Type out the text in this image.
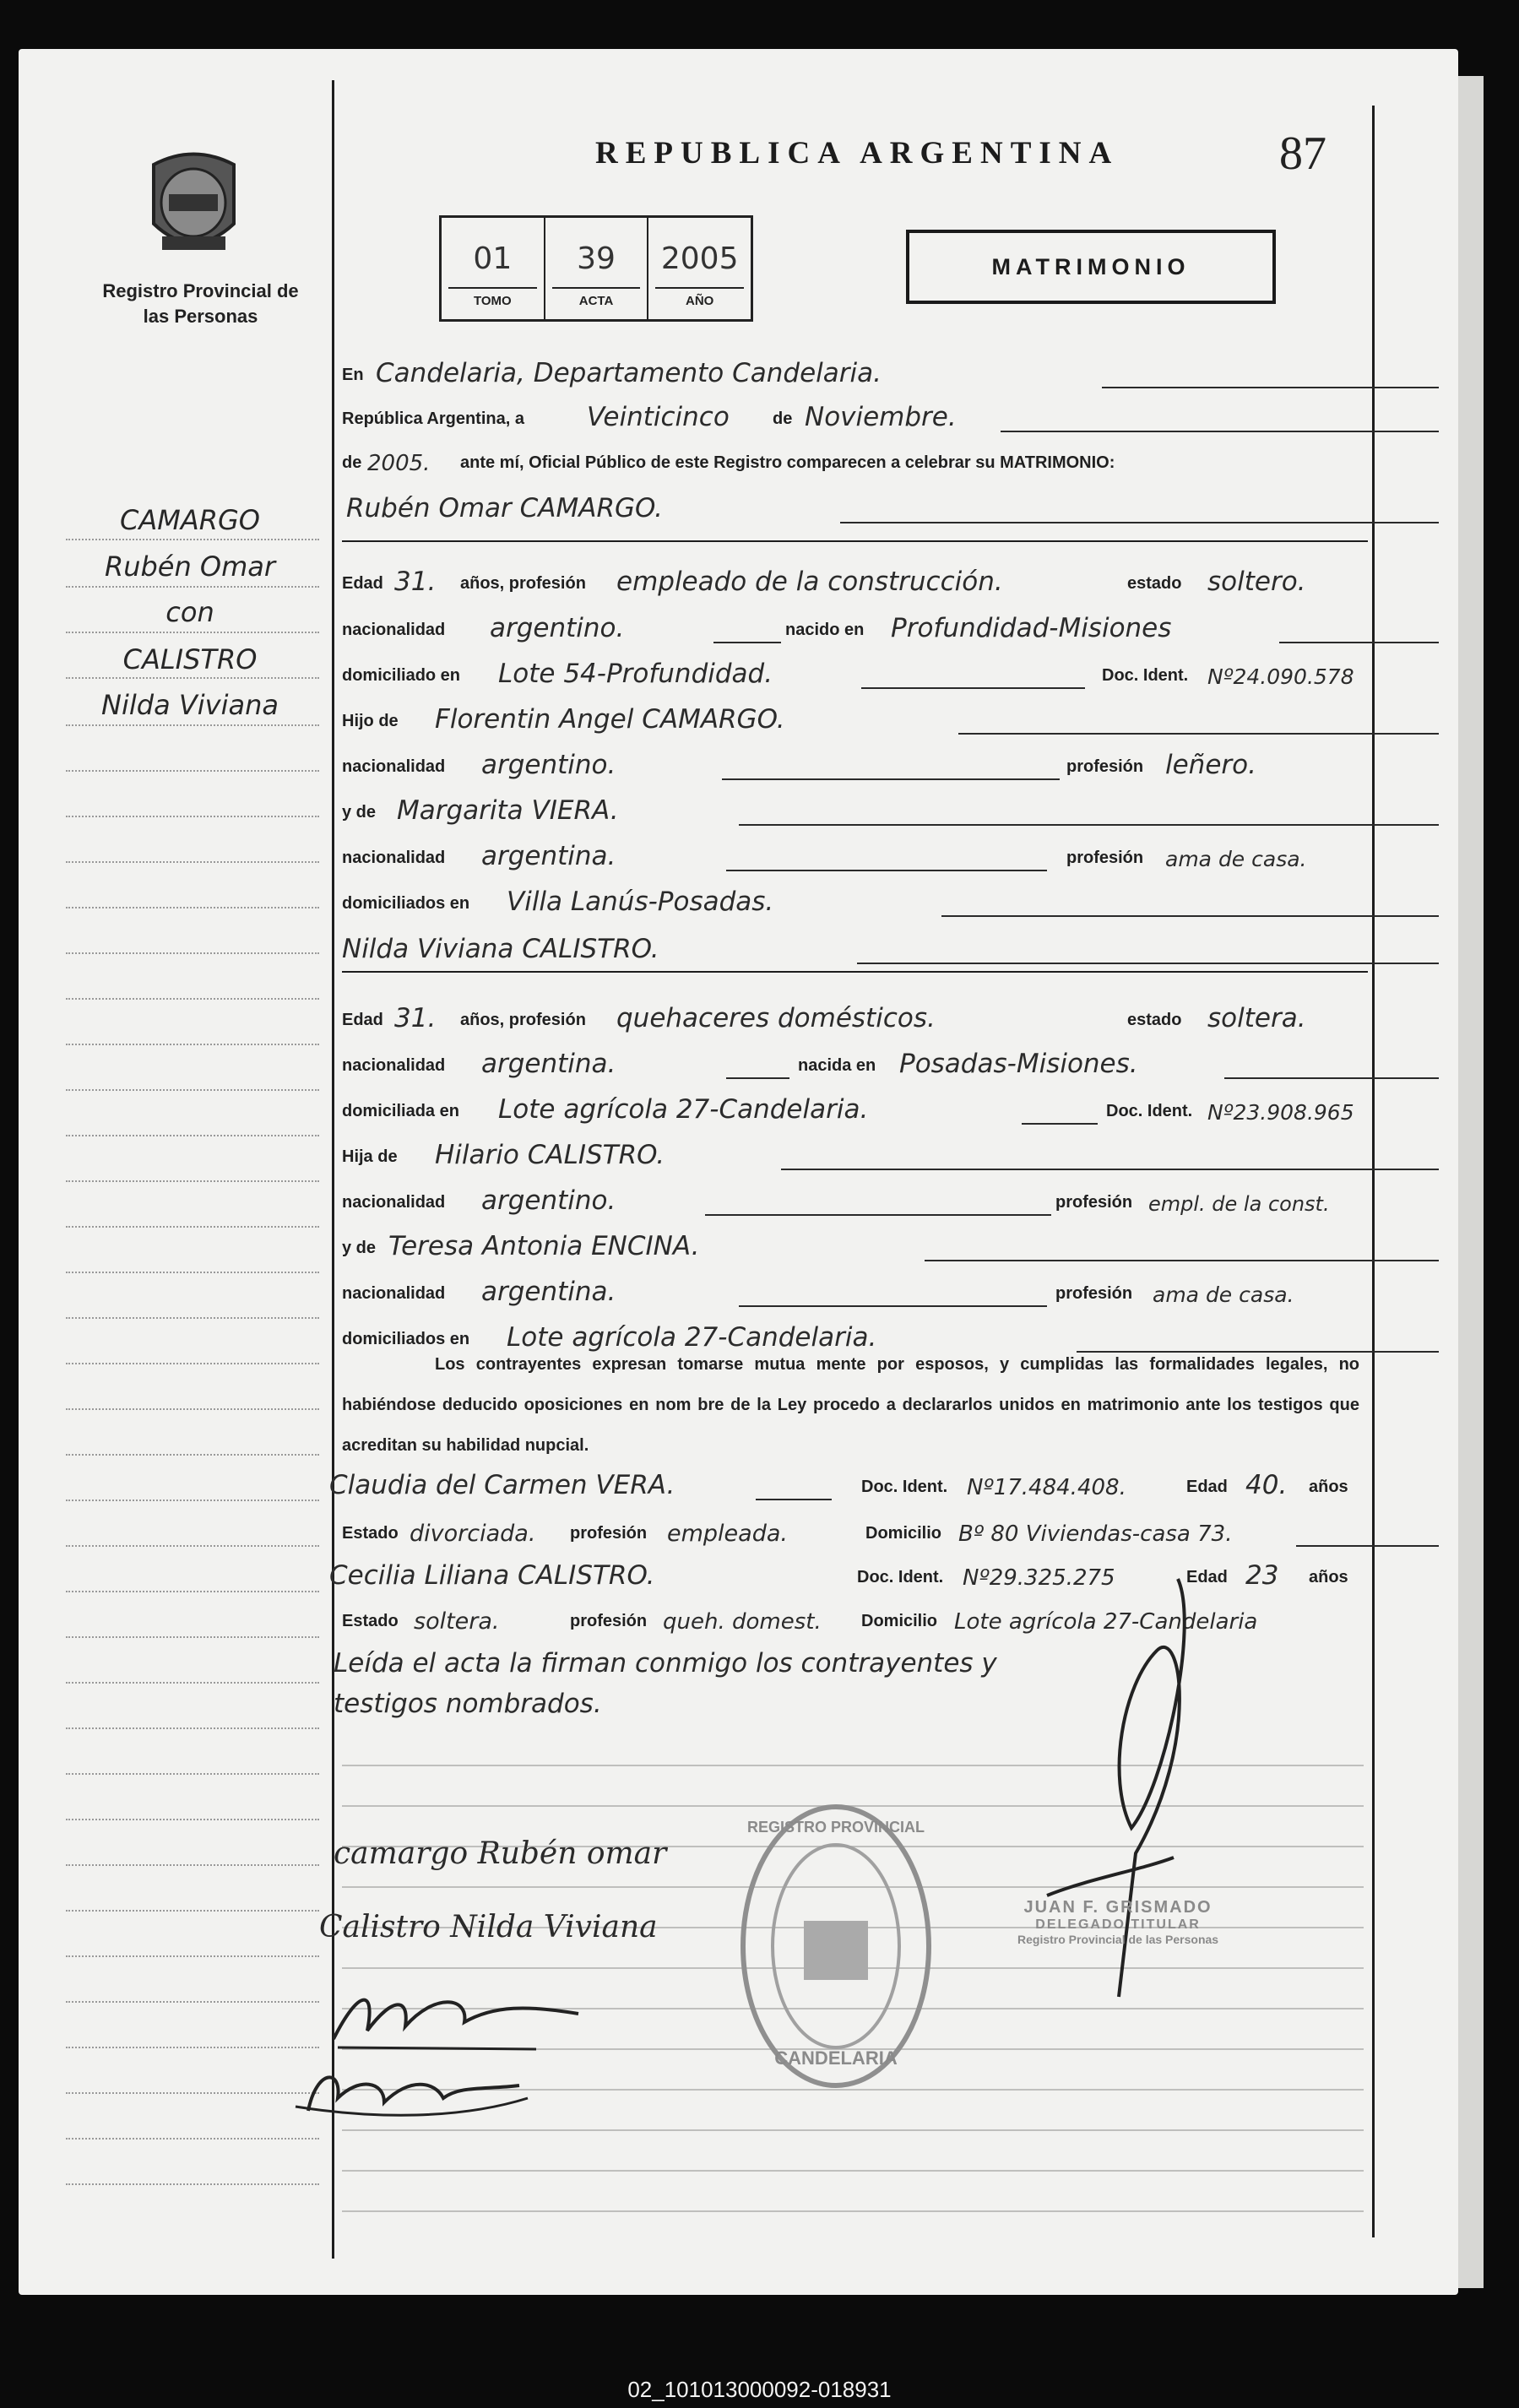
Registro Provincial de las Personas
REPUBLICA ARGENTINA	87
01
TOMO
39
ACTA
2005
AÑO
MATRIMONIO
CAMARGO
Rubén Omar
con
CALISTRO
Nilda Viviana
En Candelaria, Departamento Candelaria.
República Argentina, a Veinticinco	de Noviembre.
de 2005. ante mí, Oficial Público de este Registro comparecen a celebrar su MATRIMONIO:
Rubén Omar CAMARGO.
Edad 31. años, profesión empleado de la construcción.	estado soltero.
nacionalidad argentino.	nacido en Profundidad-Misiones
domiciliado en Lote 54-Profundidad.	Doc. Ident. Nº24.090.578
Hijo de Florentin Angel CAMARGO.
nacionalidad argentino.	profesión leñero.
y de Margarita VIERA.
nacionalidad argentina.	profesión ama de casa.
domiciliados en Villa Lanús-Posadas.
Nilda Viviana CALISTRO.
Edad 31. años, profesión quehaceres domésticos.	estado soltera.
nacionalidad argentina.	nacida en Posadas-Misiones.
domiciliada en Lote agrícola 27-Candelaria.	Doc. Ident. Nº23.908.965
Hija de Hilario CALISTRO.
nacionalidad argentino.	profesión empl. de la const.
y de Teresa Antonia ENCINA.
nacionalidad argentina.	profesión ama de casa.
domiciliados en Lote agrícola 27-Candelaria.
Los contrayentes expresan tomarse mutua mente por esposos, y cumplidas las formalidades legales, no habiéndose deducido oposiciones en nom bre de la Ley procedo a declararlos unidos en matrimonio ante los testigos que acreditan su habilidad nupcial.
Claudia del Carmen VERA.	Doc. Ident. Nº17.484.408.	Edad 40. años
Estado divorciada. profesión empleada.	Domicilio Bº 80 Viviendas-casa 73.
Cecilia Liliana CALISTRO.	Doc. Ident. Nº29.325.275	Edad 23 años
Estado soltera.	profesión queh. domest. Domicilio Lote agrícola 27-Candelaria
Leída el acta la firman conmigo los contrayentes y
testigos nombrados.
camargo Rubén omar
Calistro Nilda Viviana
REGISTRO PROVINCIAL
CANDELARIA
JUAN F. GRISMADO
DELEGADO TITULAR
Registro Provincial de las Personas
02_101013000092-018931
